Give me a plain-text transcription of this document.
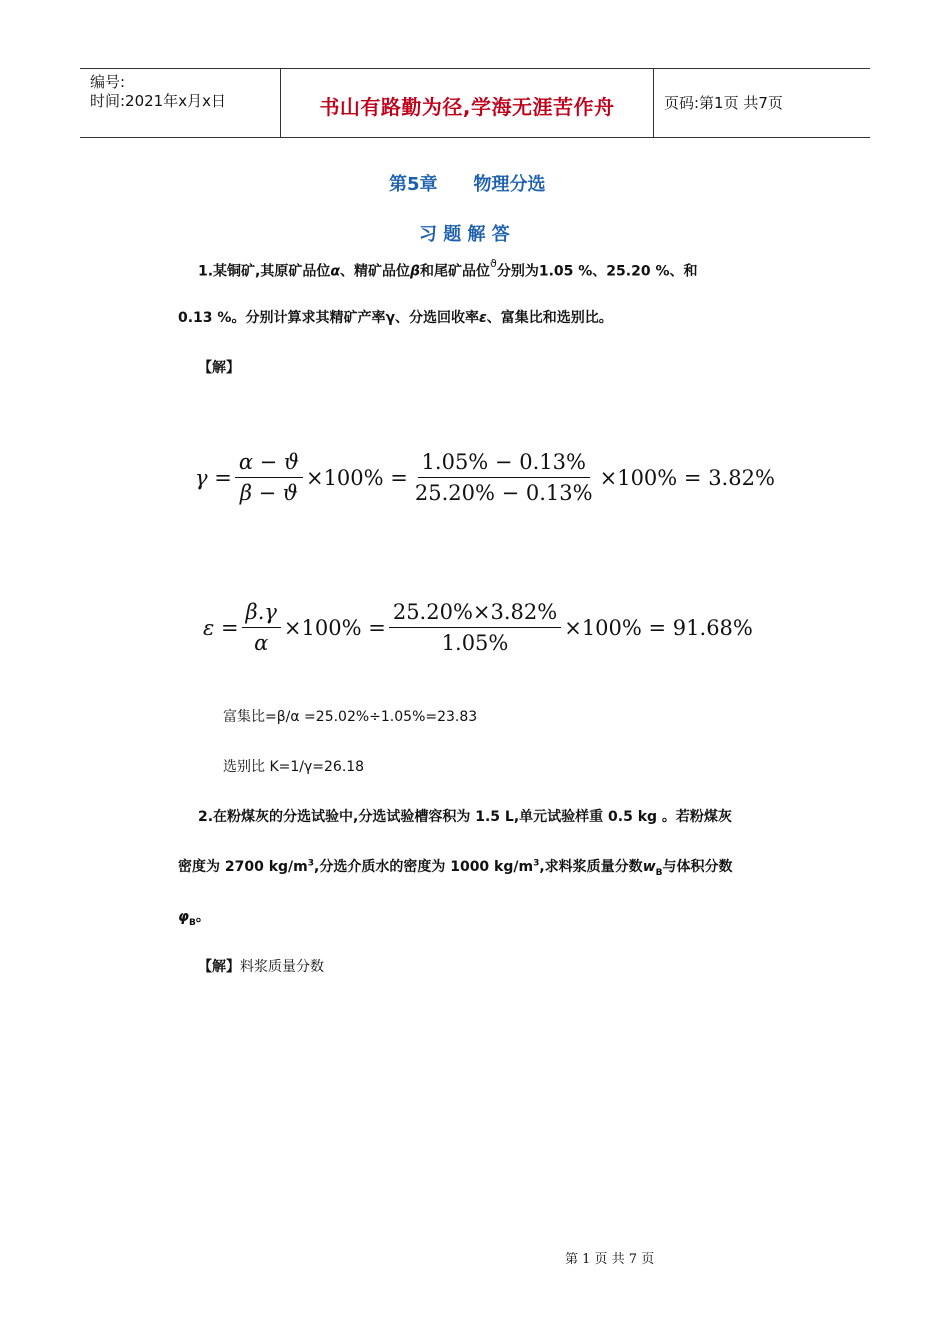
编号:
时间:2021年x月x日	书山有路勤为径,学海无涯苦作舟	页码:第1页 共7页
第5章　　物理分选
习 题 解 答
1.某铜矿,其原矿品位α、精矿品位β和尾矿品位$^ϑ$分别为1.05 %、25.20 %、和
0.13 %。分别计算求其精矿产率γ、分选回收率ε、富集比和选别比。
【解】
$\gamma = \frac{\alpha - ϑ}{\beta - ϑ} \times 100\% = \frac{1.05\% - 0.13\%}{25.20\% - 0.13\%} \times 100\% = 3.82\%$
$\varepsilon = \frac{\beta.\gamma}{\alpha} \times 100\% = \frac{25.20\%\times 3.82\%}{1.05\%} \times 100\% = 91.68\%$
富集比=β/α =25.02%÷1.05%=23.83
选别比 K=1/γ=26.18
2.在粉煤灰的分选试验中,分选试验槽容积为 1.5 L,单元试验样重 0.5 kg 。若粉煤灰
密度为 2700 $kg/m^3$,分选介质水的密度为 1000 $kg/m^3$,求料浆质量分数$w_B$与体积分数
$\varphi_B$。
【解】料浆质量分数
第 1 页 共 7 页
